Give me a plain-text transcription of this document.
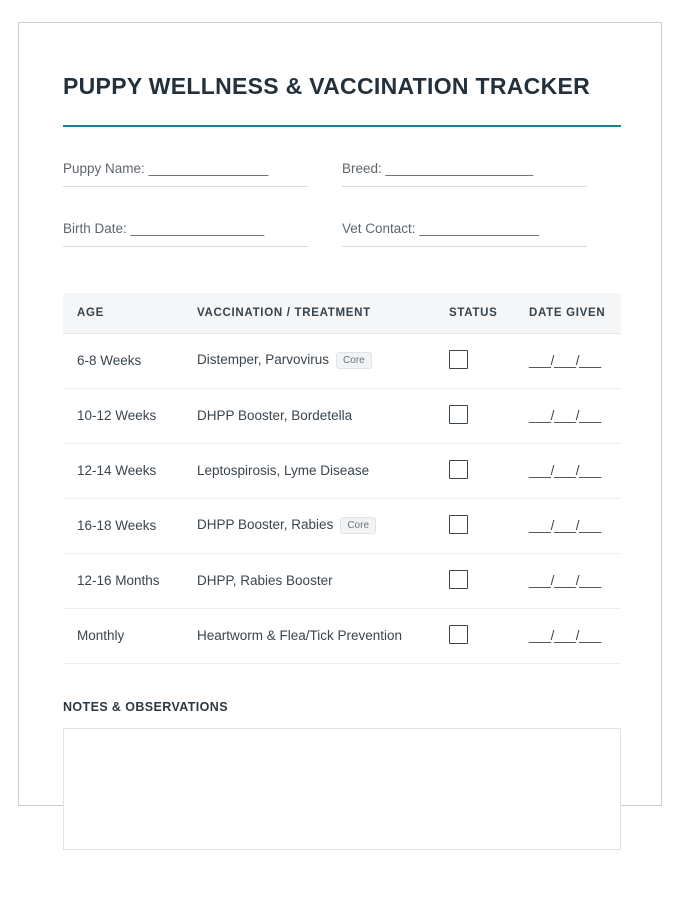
PUPPY WELLNESS & VACCINATION TRACKER
Puppy Name: _________________	Breed: _____________________
Birth Date: ___________________	Vet Contact: _________________
AGE	VACCINATION / TREATMENT	STATUS	DATE GIVEN
6-8 Weeks	Distemper, Parvovirus Core		___/___/___
10-12 Weeks	DHPP Booster, Bordetella		___/___/___
12-14 Weeks	Leptospirosis, Lyme Disease		___/___/___
16-18 Weeks	DHPP Booster, Rabies Core		___/___/___
12-16 Months	DHPP, Rabies Booster		___/___/___
Monthly	Heartworm & Flea/Tick Prevention		___/___/___
NOTES & OBSERVATIONS
